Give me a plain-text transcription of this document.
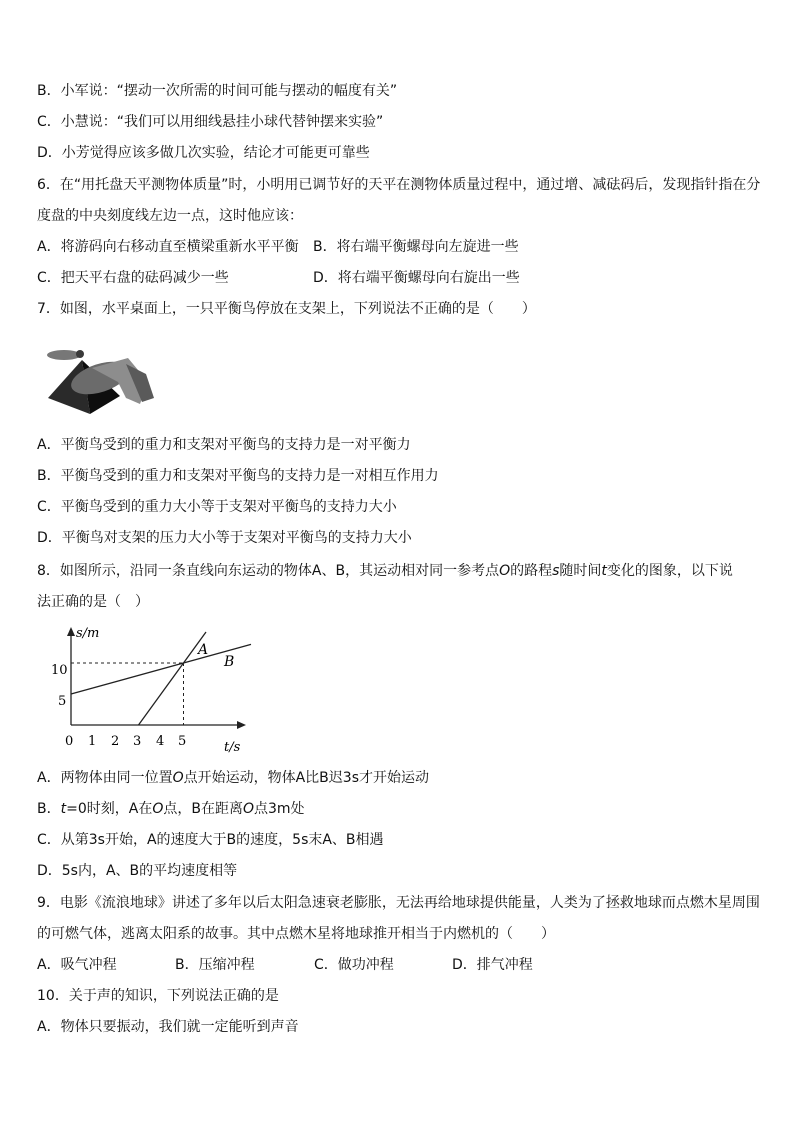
B．小军说：“摆动一次所需的时间可能与摆动的幅度有关”
C．小慧说：“我们可以用细线悬挂小球代替钟摆来实验”
D．小芳觉得应该多做几次实验，结论才可能更可靠些
6．在“用托盘天平测物体质量”时，小明用已调节好的天平在测物体质量过程中，通过增、减砝码后，发现指针指在分
度盘的中央刻度线左边一点，这时他应该：
A．将游码向右移动直至横梁重新水平平衡 B．将右端平衡螺母向左旋进一些
C．把天平右盘的砝码减少一些	D．将右端平衡螺母向右旋出一些
7．如图，水平桌面上，一只平衡鸟停放在支架上，下列说法不正确的是（　　）
A．平衡鸟受到的重力和支架对平衡鸟的支持力是一对平衡力
B．平衡鸟受到的重力和支架对平衡鸟的支持力是一对相互作用力
C．平衡鸟受到的重力大小等于支架对平衡鸟的支持力大小
D．平衡鸟对支架的压力大小等于支架对平衡鸟的支持力大小
8．如图所示，沿同一条直线向东运动的物体A、B，其运动相对同一参考点O的路程s随时间t变化的图象，以下说
法正确的是（　）
s/m
t/s
10
5
0 1 2 3 4 5
A
B
A．两物体由同一位置O点开始运动，物体A比B迟3s才开始运动
B．t=0时刻，A在O点，B在距离O点3m处
C．从第3s开始，A的速度大于B的速度，5s末A、B相遇
D．5s内，A、B的平均速度相等
9．电影《流浪地球》讲述了多年以后太阳急速衰老膨胀，无法再给地球提供能量，人类为了拯救地球而点燃木星周围
的可燃气体，逃离太阳系的故事。其中点燃木星将地球推开相当于内燃机的（　　）
A．吸气冲程	B．压缩冲程	C．做功冲程	D．排气冲程
10．关于声的知识，下列说法正确的是
A．物体只要振动，我们就一定能听到声音
